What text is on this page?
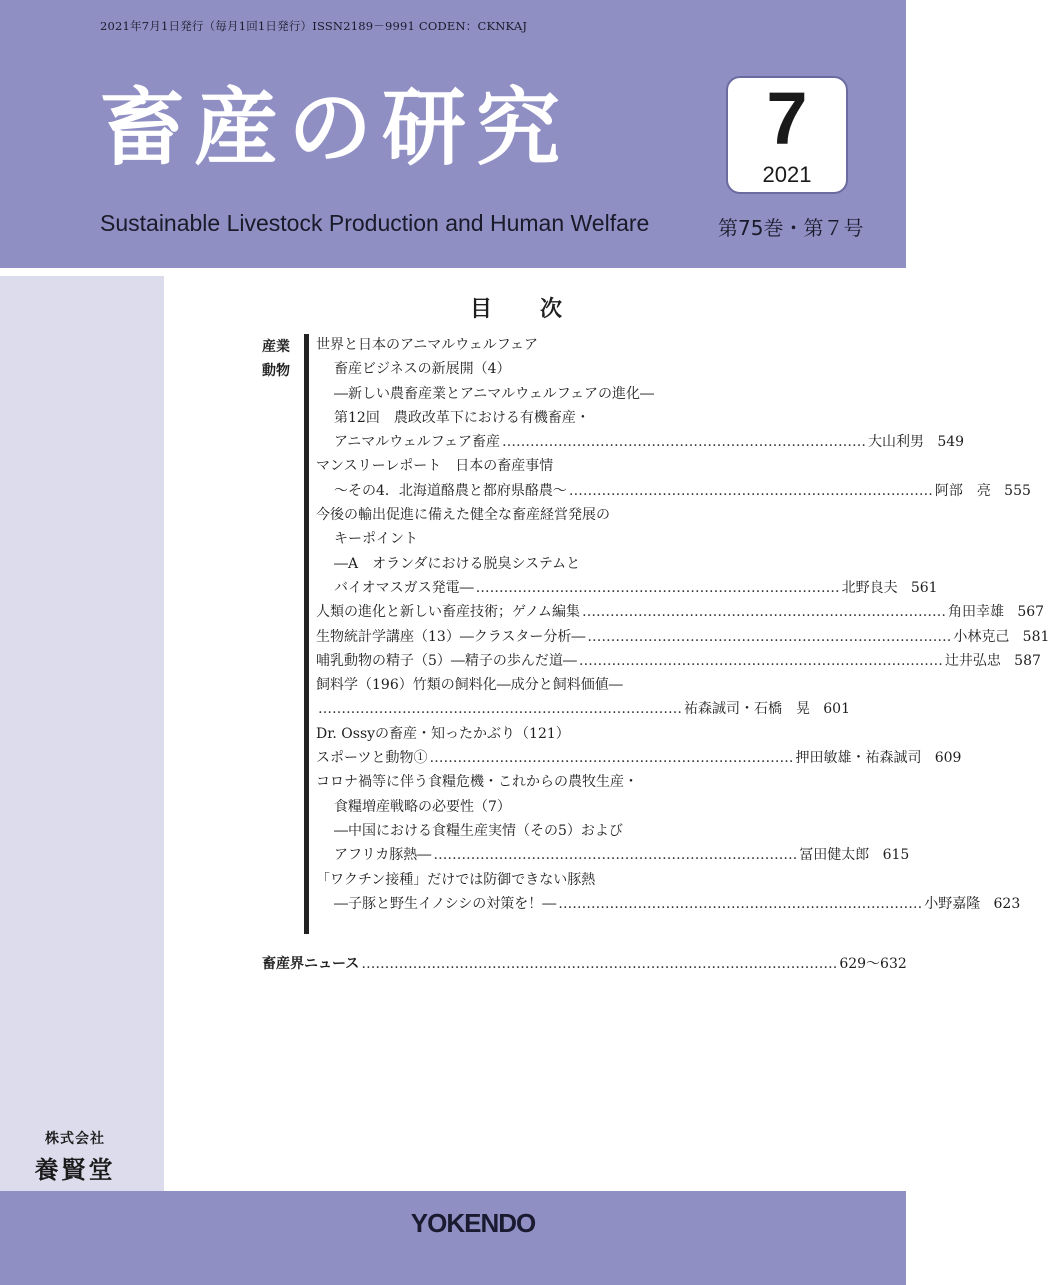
2021年7月1日発行（毎月1回1日発行）ISSN2189－9991 CODEN：CKNKAJ
畜産の研究	7
2021
Sustainable Livestock Production and Human Welfare	第75巻・第７号
目 次
産業
動物
世界と日本のアニマルウェルフェア
畜産ビジネスの新展開（4）
―新しい農畜産業とアニマルウェルフェアの進化―
第12回　農政改革下における有機畜産・
アニマルウェルフェア畜産 …………………………………………………………………… 大山利男 549
マンスリーレポート　日本の畜産事情
～その4．北海道酪農と都府県酪農～ …………………………………………………………………… 阿部　亮 555
今後の輸出促進に備えた健全な畜産経営発展の
キーポイント
―A　オランダにおける脱臭システムと
バイオマスガス発電― …………………………………………………………………… 北野良夫 561
人類の進化と新しい畜産技術；ゲノム編集 …………………………………………………………………… 角田幸雄 567
生物統計学講座（13）―クラスター分析― …………………………………………………………………… 小林克己 581
哺乳動物の精子（5）―精子の歩んだ道― …………………………………………………………………… 辻井弘忠 587
飼料学（196）竹類の飼料化―成分と飼料価値―
…………………………………………………………………… 祐森誠司・石橋　晃 601
Dr. Ossyの畜産・知ったかぶり（121）
スポーツと動物① …………………………………………………………………… 押田敏雄・祐森誠司 609
コロナ禍等に伴う食糧危機・これからの農牧生産・
食糧増産戦略の必要性（7）
―中国における食糧生産実情（その5）および
アフリカ豚熱― …………………………………………………………………… 冨田健太郎 615
「ワクチン接種」だけでは防御できない豚熱
―子豚と野生イノシシの対策を！― …………………………………………………………………… 小野嘉隆 623
畜産界ニュース ………………………………………………………………………………………… 629～632
株式会社
養賢堂
YOKENDO
